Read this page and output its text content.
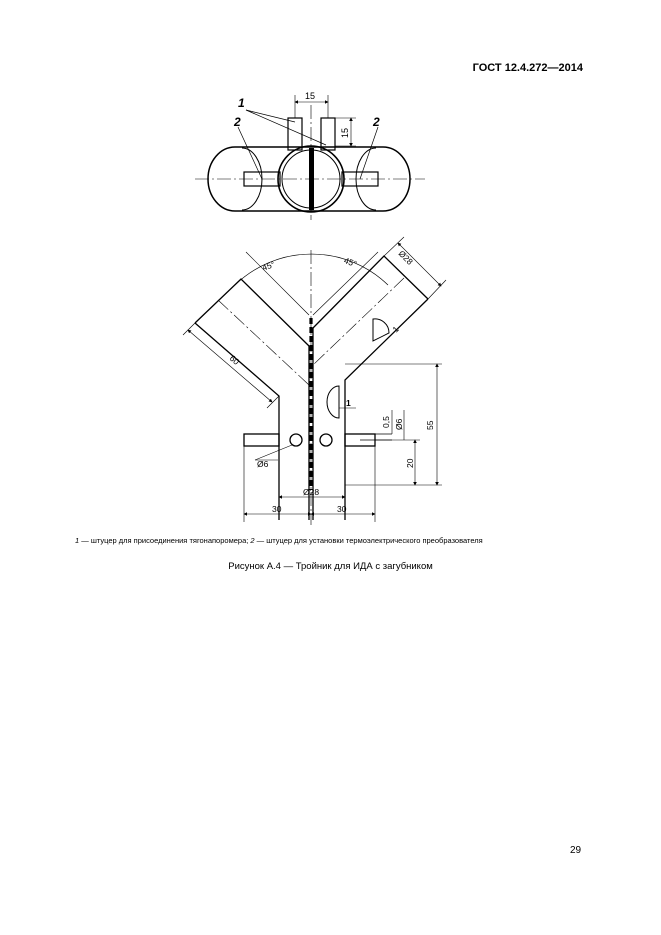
ГОСТ 12.4.272—2014
1
2	2
15
15
45°	45°	Ø28
60
1
1
55
0,5 Ø6
20
Ø6
Ø28
30	30
1 — штуцер для присоединения тягонапоромера; 2 — штуцер для установки термоэлектрического преобразователя
Рисунок А.4 — Тройник для ИДА с загубником
29
